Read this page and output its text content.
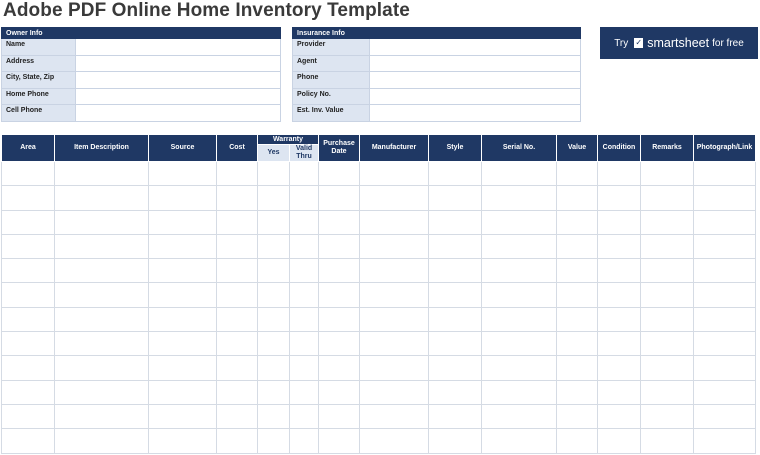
Adobe PDF Online Home Inventory Template
Owner Info	
Name	
Address	
City, State, Zip	
Home Phone	
Cell Phone	
Insurance Info	
Provider	
Agent	
Phone	
Policy No.	
Est. Inv. Value	
Try ✓ smartsheet for free
Area	Item Description	Source	Cost	Warranty		Purchase Date	Manufacturer	Style	Serial No.	Value	Condition	Remarks	Photograph/Link
				Yes	Valid Thru								
